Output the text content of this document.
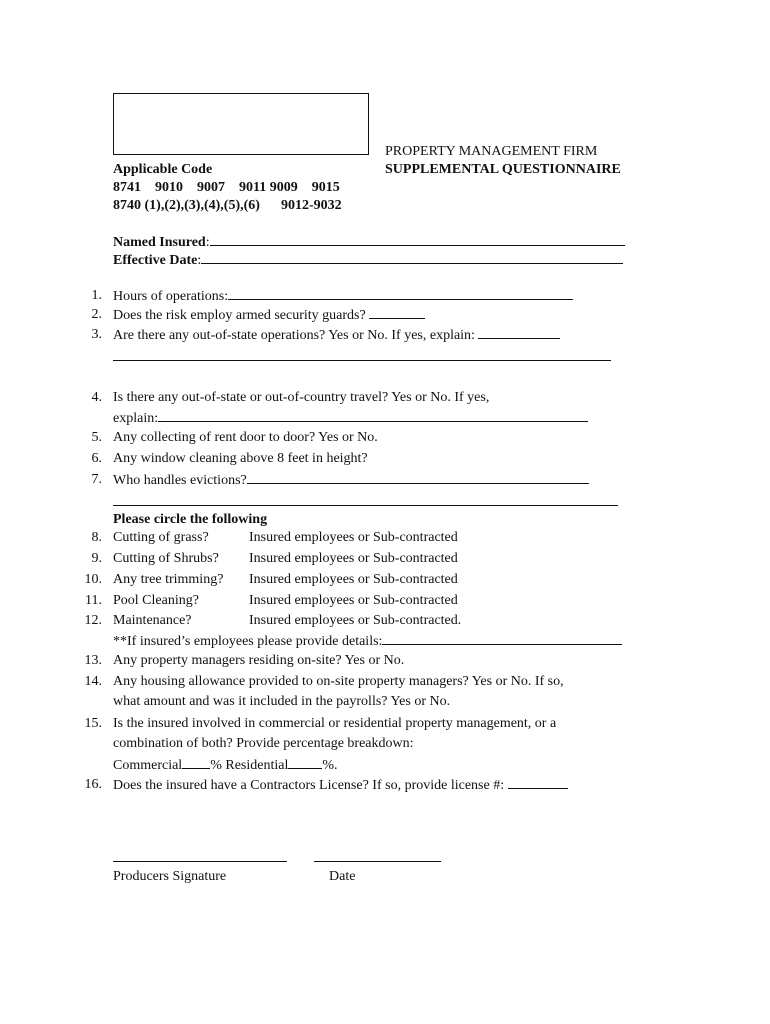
PROPERTY MANAGEMENT FIRM
SUPPLEMENTAL QUESTIONNAIRE
Applicable Code
8741    9010    9007    9011 9009    9015
8740 (1),(2),(3),(4),(5),(6)      9012-9032
Named Insured:
Effective Date:
1. Hours of operations:
2. Does the risk employ armed security guards?
3. Are there any out-of-state operations? Yes or No. If yes, explain:
4. Is there any out-of-state or out-of-country travel? Yes or No. If yes,
explain:
5. Any collecting of rent door to door? Yes or No.
6. Any window cleaning above 8 feet in height?
7. Who handles evictions?
Please circle the following
8. Cutting of grass?	Insured employees or Sub-contracted
9. Cutting of Shrubs? Insured employees or Sub-contracted
10. Any tree trimming? Insured employees or Sub-contracted
11. Pool Cleaning?	Insured employees or Sub-contracted
12. Maintenance?	Insured employees or Sub-contracted.
**If insured’s employees please provide details:
13. Any property managers residing on-site? Yes or No.
14. Any housing allowance provided to on-site property managers? Yes or No. If so,
what amount and was it included in the payrolls? Yes or No.
15. Is the insured involved in commercial or residential property management, or a
combination of both? Provide percentage breakdown:
Commercial % Residential %.
16. Does the insured have a Contractors License? If so, provide license #:
Producers Signature	Date
